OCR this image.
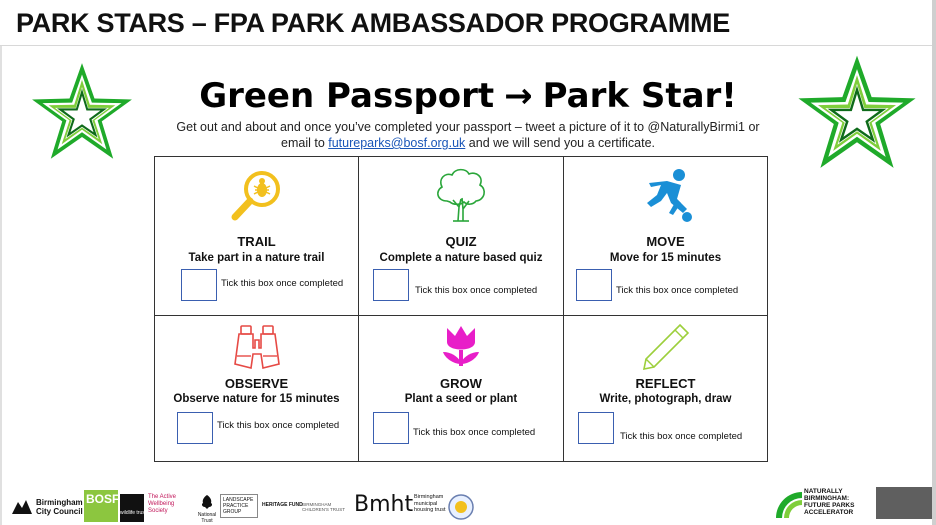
PARK STARS – FPA PARK AMBASSADOR PROGRAMME
Green Passport → Park Star!
Get out and about and once you’ve completed your passport – tweet a picture of it to @NaturallyBirmi1 or
email to futureparks@bosf.org.uk and we will send you a certificate.
TRAIL
Take part in a nature trail
Tick this box once completed
QUIZ
Complete a nature based quiz
Tick this box once completed
MOVE
Move for 15 minutes
Tick this box once completed
OBSERVE
Observe nature for 15 minutes
Tick this box once completed
GROW
Plant a seed or plant
Tick this box once completed
REFLECT
Write, photograph, draw
Tick this box once completed
Birmingham
City Council
BOSF
wildlife trusts
The Active Wellbeing Society
National Trust
LANDSCAPE PRACTICE GROUP
HERITAGE FUND BIRMINGHAM CHILDREN'S TRUST Bmht Birmingham
municipal
housing trust
NATURALLY
BIRMINGHAM:
FUTURE PARKS
ACCELERATOR
